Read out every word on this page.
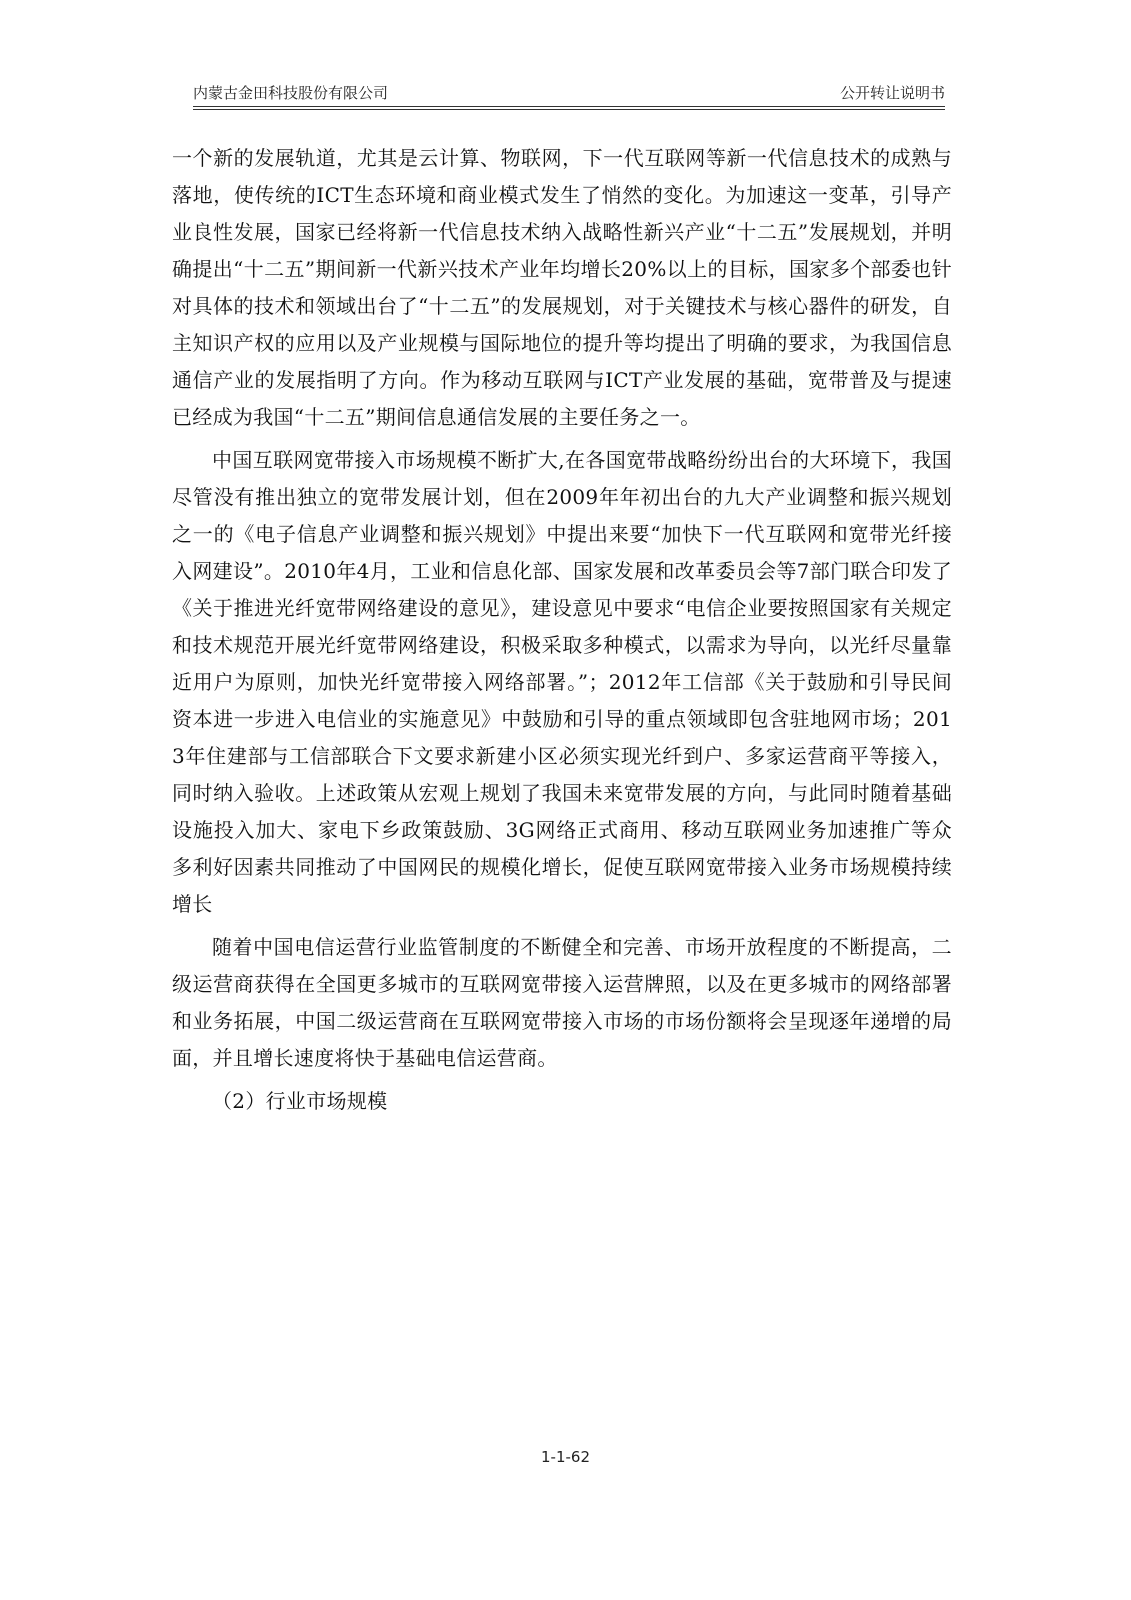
内蒙古金田科技股份有限公司	公开转让说明书

一个新的发展轨道，尤其是云计算、物联网，下一代互联网等新一代信息技术的成熟与落地，使传统的ICT生态环境和商业模式发生了悄然的变化。为加速这一变革，引导产业良性发展，国家已经将新一代信息技术纳入战略性新兴产业“十二五”发展规划，并明确提出“十二五”期间新一代新兴技术产业年均增长20%以上的目标，国家多个部委也针对具体的技术和领域出台了“十二五”的发展规划，对于关键技术与核心器件的研发，自主知识产权的应用以及产业规模与国际地位的提升等均提出了明确的要求，为我国信息通信产业的发展指明了方向。作为移动互联网与ICT产业发展的基础，宽带普及与提速已经成为我国“十二五”期间信息通信发展的主要任务之一。

中国互联网宽带接入市场规模不断扩大,在各国宽带战略纷纷出台的大环境下，我国尽管没有推出独立的宽带发展计划，但在2009年年初出台的九大产业调整和振兴规划之一的《电子信息产业调整和振兴规划》中提出来要“加快下一代互联网和宽带光纤接入网建设”。2010年4月，工业和信息化部、国家发展和改革委员会等7部门联合印发了《关于推进光纤宽带网络建设的意见》，建设意见中要求“电信企业要按照国家有关规定和技术规范开展光纤宽带网络建设，积极采取多种模式，以需求为导向，以光纤尽量靠近用户为原则，加快光纤宽带接入网络部署。”；2012年工信部《关于鼓励和引导民间资本进一步进入电信业的实施意见》中鼓励和引导的重点领域即包含驻地网市场；2013年住建部与工信部联合下文要求新建小区必须实现光纤到户、多家运营商平等接入，同时纳入验收。上述政策从宏观上规划了我国未来宽带发展的方向，与此同时随着基础设施投入加大、家电下乡政策鼓励、3G网络正式商用、移动互联网业务加速推广等众多利好因素共同推动了中国网民的规模化增长，促使互联网宽带接入业务市场规模持续增长

随着中国电信运营行业监管制度的不断健全和完善、市场开放程度的不断提高，二级运营商获得在全国更多城市的互联网宽带接入运营牌照，以及在更多城市的网络部署和业务拓展，中国二级运营商在互联网宽带接入市场的市场份额将会呈现逐年递增的局面，并且增长速度将快于基础电信运营商。

（2）行业市场规模

1-1-62
